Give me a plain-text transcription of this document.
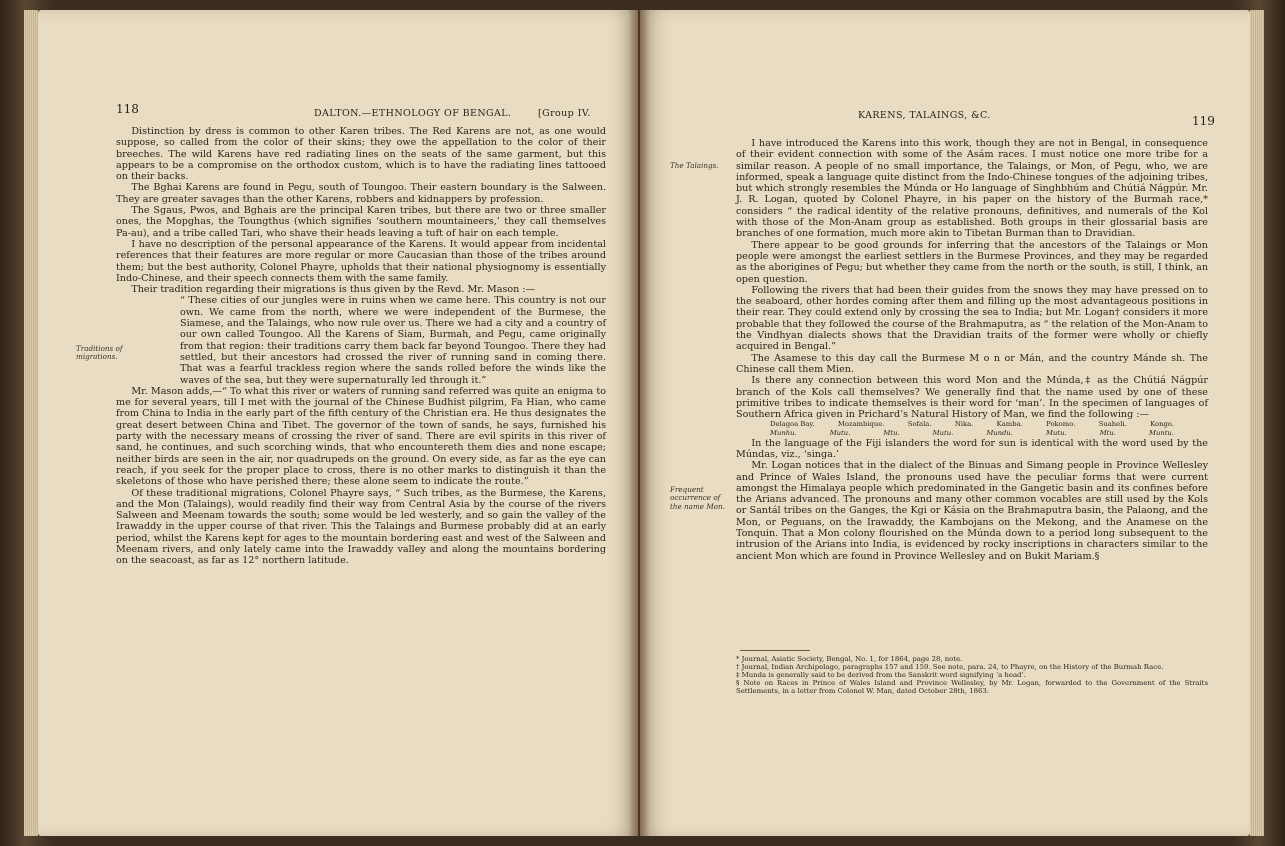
118	DALTON.—ETHNOLOGY OF BENGAL.	[Group IV.
Traditions of migrations.

Distinction by dress is common to other Karen tribes. The Red Karens are not, as one would suppose, so called from the color of their skins; they owe the appellation to the color of their breeches. The wild Karens have red radiating lines on the seats of the same garment, but this appears to be a compromise on the orthodox custom, which is to have the radiating lines tattooed on their backs.

The Bghai Karens are found in Pegu, south of Toungoo. Their eastern boundary is the Salween. They are greater savages than the other Karens, robbers and kidnappers by profession.

The Sgaus, Pwos, and Bghais are the principal Karen tribes, but there are two or three smaller ones, the Mopghas, the Toungthus (which signifies ‘southern mountaineers,’ they call themselves Pa-au), and a tribe called Tari, who shave their heads leaving a tuft of hair on each temple.

I have no description of the personal appearance of the Karens. It would appear from incidental references that their features are more regular or more Caucasian than those of the tribes around them; but the best authority, Colonel Phayre, upholds that their national physiognomy is essentially Indo-Chinese, and their speech connects them with the same family.

Their tradition regarding their migrations is thus given by the Revd. Mr. Mason :—

“ These cities of our jungles were in ruins when we came here. This country is not our own. We came from the north, where we were independent of the Burmese, the Siamese, and the Talaings, who now rule over us. There we had a city and a country of our own called Toungoo. All the Karens of Siam, Burmah, and Pegu, came originally from that region: their traditions carry them back far beyond Toungoo. There they had settled, but their ancestors had crossed the river of running sand in coming there. That was a fearful trackless region where the sands rolled before the winds like the waves of the sea, but they were supernaturally led through it.”

Mr. Mason adds,—“ To what this river or waters of running sand referred was quite an enigma to me for several years, till I met with the journal of the Chinese Budhist pilgrim, Fa Hian, who came from China to India in the early part of the fifth century of the Christian era. He thus designates the great desert between China and Tibet. The governor of the town of sands, he says, furnished his party with the necessary means of crossing the river of sand. There are evil spirits in this river of sand, he continues, and such scorching winds, that who encountereth them dies and none escape; neither birds are seen in the air, nor quadrupeds on the ground. On every side, as far as the eye can reach, if you seek for the proper place to cross, there is no other marks to distinguish it than the skeletons of those who have perished there; these alone seem to indicate the route.”

Of these traditional migrations, Colonel Phayre says, “ Such tribes, as the Burmese, the Karens, and the Mon (Talaings), would readily find their way from Central Asia by the course of the rivers Salween and Meenam towards the south; some would be led westerly, and so gain the valley of the Irawaddy in the upper course of that river. This the Talaings and Burmese probably did at an early period, whilst the Karens kept for ages to the mountain bordering east and west of the Salween and Meenam rivers, and only lately came into the Irawaddy valley and along the mountains bordering on the seacoast, as far as 12° northern latitude.

KARENS, TALAINGS, &C.	119
The Talaings.
Frequent occurrence of the name Mon.

I have introduced the Karens into this work, though they are not in Bengal, in consequence of their evident connection with some of the Asám races. I must notice one more tribe for a similar reason. A people of no small importance, the Talaings, or Mon, of Pegu, who, we are informed, speak a language quite distinct from the Indo-Chinese tongues of the adjoining tribes, but which strongly resembles the Múnda or Ho language of Singhbhúm and Chútiá Nágpúr. Mr. J. R. Logan, quoted by Colonel Phayre, in his paper on the history of the Burmah race,* considers “ the radical identity of the relative pronouns, definitives, and numerals of the Kol with those of the Mon-Anam group as established. Both groups in their glossarial basis are branches of one formation, much more akin to Tibetan Burman than to Dravidian.

There appear to be good grounds for inferring that the ancestors of the Talaings or Mon people were amongst the earliest settlers in the Burmese Provinces, and they may be regarded as the aborigines of Pegu; but whether they came from the north or the south, is still, I think, an open question.

Following the rivers that had been their guides from the snows they may have pressed on to the seaboard, other hordes coming after them and filling up the most advantageous positions in their rear. They could extend only by crossing the sea to India; but Mr. Logan† considers it more probable that they followed the course of the Brahmaputra, as “ the relation of the Mon-Anam to the Vindhyan dialects shows that the Dravidian traits of the former were wholly or chiefly acquired in Bengal.”

The Asamese to this day call the Burmese M o n or Mán, and the country Mánde sh. The Chinese call them Mien.

Is there any connection between this word Mon and the Múnda,‡ as the Chútiá Nágpúr branch of the Kols call themselves? We generally find that the name used by one of these primitive tribes to indicate themselves is their word for ‘man’. In the specimen of languages of Southern Africa given in Prichard’s Natural History of Man, we find the following :—

Delagoa Bay.	Mozambique.	Sofala.	Nika.	Kamba.	Pokomo.	Suaheli.	Kongo.
Munhu.	Mutu.	Mtu.	Mutu.	Mundu.	Mutu.	Mtu.	Muntu.

In the language of the Fiji islanders the word for sun is identical with the word used by the Múndas, viz., ‘singa.’

Mr. Logan notices that in the dialect of the Binuas and Simang people in Province Wellesley and Prince of Wales Island, the pronouns used have the peculiar forms that were current amongst the Himalaya people which predominated in the Gangetic basin and its confines before the Arians advanced. The pronouns and many other common vocables are still used by the Kols or Santál tribes on the Ganges, the Kgi or Kásia on the Brahmaputra basin, the Palaong, and the Mon, or Peguans, on the Irawaddy, the Kambojans on the Mekong, and the Anamese on the Tonquin. That a Mon colony flourished on the Múnda down to a period long subsequent to the intrusion of the Arians into India, is evidenced by rocky inscriptions in characters similar to the ancient Mon which are found in Province Wellesley and on Bukit Mariam.§

* Journal, Asiatic Society, Bengal, No. 1, for 1864, page 28, note.
† Journal, Indian Archipelago, paragraphs 157 and 159. See note, para. 24, to Phayre, on the History of the Burmah Race.
‡ Munda is generally said to be derived from the Sanskrit word signifying ‘a head’.
§ Note on Races in Prince of Wales Island and Province Wellesley, by Mr. Logan, forwarded to the Government of the Straits Settlements, in a letter from Colonel W. Man, dated October 28th, 1863.
